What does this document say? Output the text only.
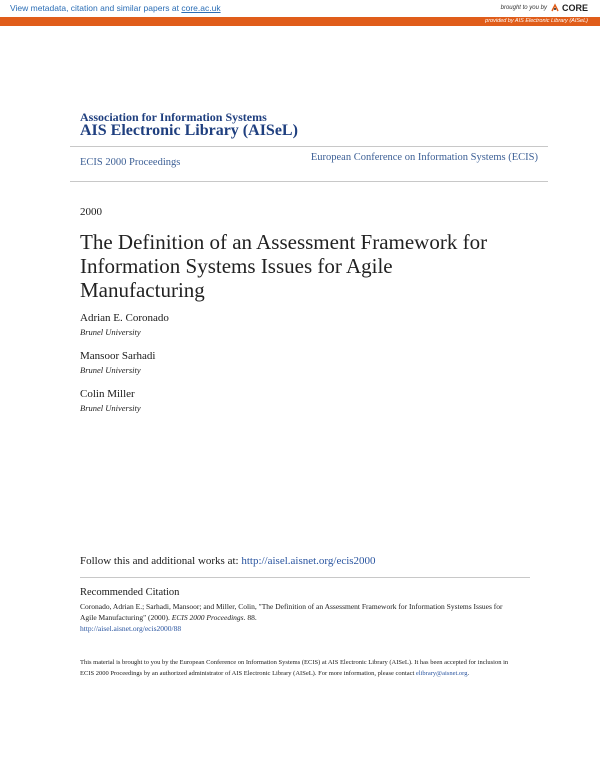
View metadata, citation and similar papers at core.ac.uk	brought to you by CORE
provided by AIS Electronic Library (AISeL)
Association for Information Systems
AIS Electronic Library (AISeL)
ECIS 2000 Proceedings	European Conference on Information Systems (ECIS)
2000
The Definition of an Assessment Framework for Information Systems Issues for Agile Manufacturing
Adrian E. Coronado
Brunel University
Mansoor Sarhadi
Brunel University
Colin Miller
Brunel University
Follow this and additional works at: http://aisel.aisnet.org/ecis2000
Recommended Citation
Coronado, Adrian E.; Sarhadi, Mansoor; and Miller, Colin, "The Definition of an Assessment Framework for Information Systems Issues for Agile Manufacturing" (2000). ECIS 2000 Proceedings. 88.
http://aisel.aisnet.org/ecis2000/88
This material is brought to you by the European Conference on Information Systems (ECIS) at AIS Electronic Library (AISeL). It has been accepted for inclusion in ECIS 2000 Proceedings by an authorized administrator of AIS Electronic Library (AISeL). For more information, please contact elibrary@aisnet.org.
